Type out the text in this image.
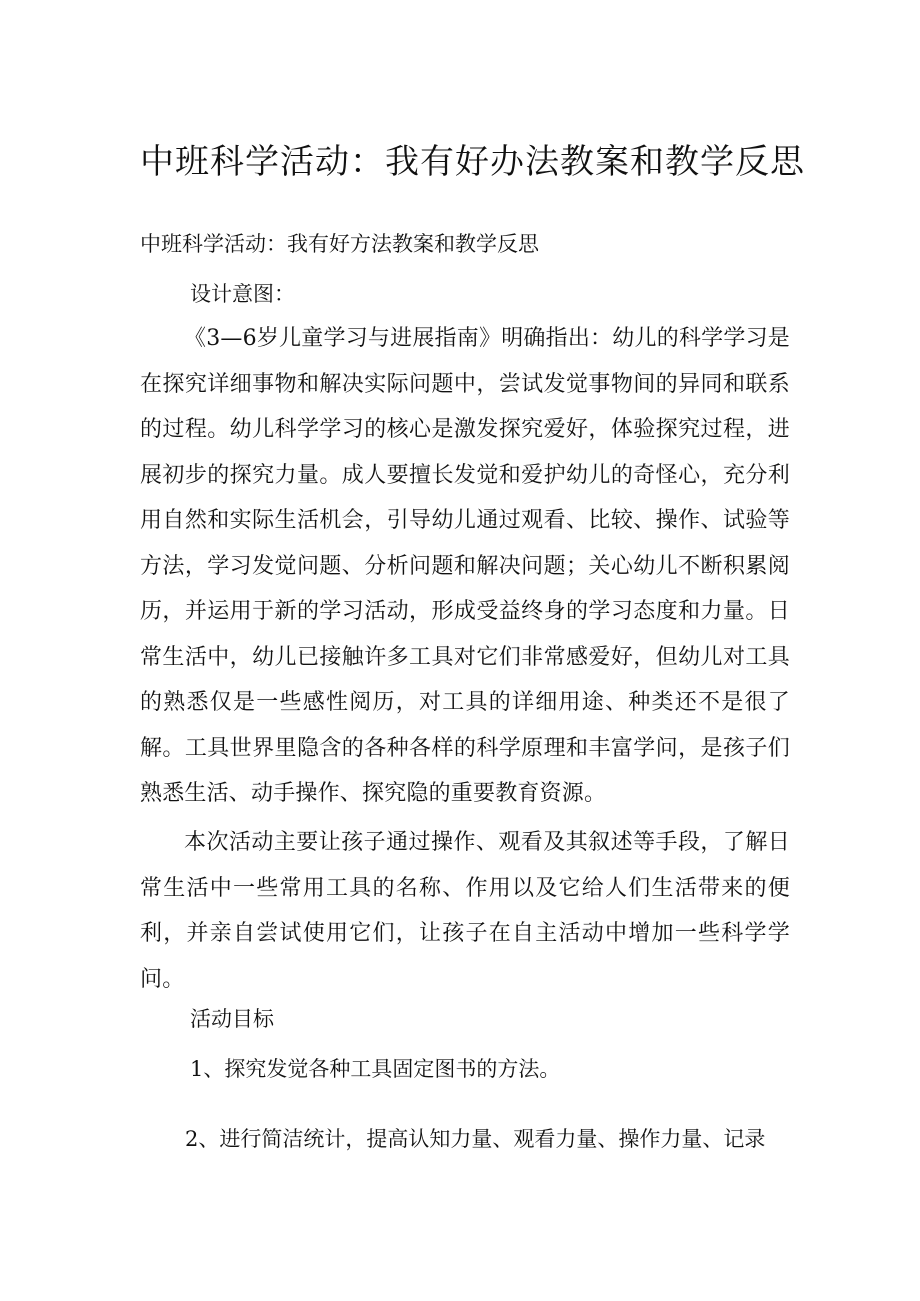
中班科学活动：我有好办法教案和教学反思

中班科学活动：我有好方法教案和教学反思

设计意图：

《3—6岁儿童学习与进展指南》明确指出：幼儿的科学学习是在探究详细事物和解决实际问题中，尝试发觉事物间的异同和联系的过程。幼儿科学学习的核心是激发探究爱好，体验探究过程，进展初步的探究力量。成人要擅长发觉和爱护幼儿的奇怪心，充分利用自然和实际生活机会，引导幼儿通过观看、比较、操作、试验等方法，学习发觉问题、分析问题和解决问题；关心幼儿不断积累阅历，并运用于新的学习活动，形成受益终身的学习态度和力量。日常生活中，幼儿已接触许多工具对它们非常感爱好，但幼儿对工具的熟悉仅是一些感性阅历，对工具的详细用途、种类还不是很了解。工具世界里隐含的各种各样的科学原理和丰富学问，是孩子们熟悉生活、动手操作、探究隐的重要教育资源。

本次活动主要让孩子通过操作、观看及其叙述等手段，了解日常生活中一些常用工具的名称、作用以及它给人们生活带来的便利，并亲自尝试使用它们，让孩子在自主活动中增加一些科学学问。

活动目标

1、探究发觉各种工具固定图书的方法。

2、进行简洁统计，提高认知力量、观看力量、操作力量、记录
